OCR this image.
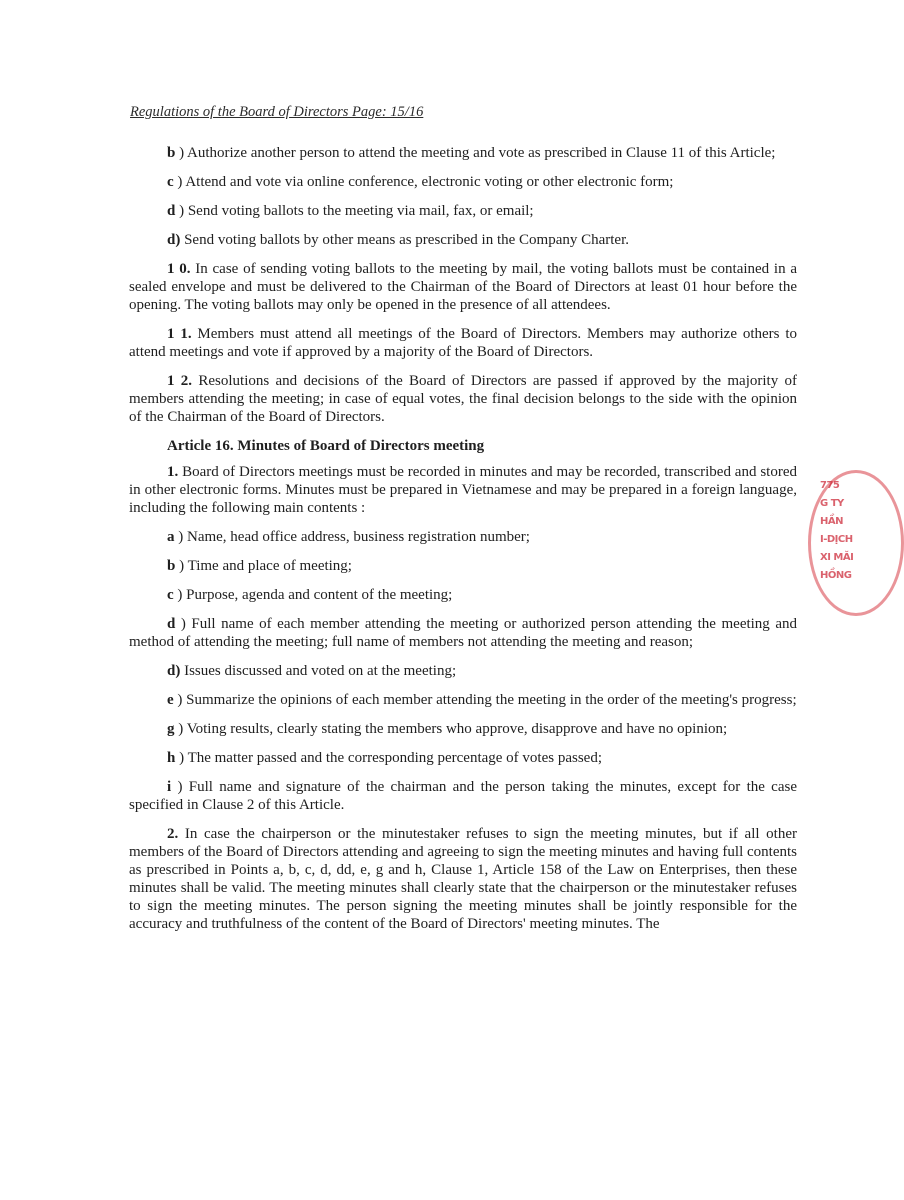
Regulations of the Board of Directors Page: 15/16

b ) Authorize another person to attend the meeting and vote as prescribed in Clause 11 of this Article;

c ) Attend and vote via online conference, electronic voting or other electronic form;

d ) Send voting ballots to the meeting via mail, fax, or email;

d) Send voting ballots by other means as prescribed in the Company Charter.

1 0. In case of sending voting ballots to the meeting by mail, the voting ballots must be contained in a sealed envelope and must be delivered to the Chairman of the Board of Directors at least 01 hour before the opening. The voting ballots may only be opened in the presence of all attendees.

1 1. Members must attend all meetings of the Board of Directors. Members may authorize others to attend meetings and vote if approved by a majority of the Board of Directors.

1 2. Resolutions and decisions of the Board of Directors are passed if approved by the majority of members attending the meeting; in case of equal votes, the final decision belongs to the side with the opinion of the Chairman of the Board of Directors.

Article 16. Minutes of Board of Directors meeting

1. Board of Directors meetings must be recorded in minutes and may be recorded, transcribed and stored in other electronic forms. Minutes must be prepared in Vietnamese and may be prepared in a foreign language, including the following main contents :

a ) Name, head office address, business registration number;

b ) Time and place of meeting;

c ) Purpose, agenda and content of the meeting;

d ) Full name of each member attending the meeting or authorized person attending the meeting and method of attending the meeting; full name of members not attending the meeting and reason;

d) Issues discussed and voted on at the meeting;

e ) Summarize the opinions of each member attending the meeting in the order of the meeting's progress;

g ) Voting results, clearly stating the members who approve, disapprove and have no opinion;

h ) The matter passed and the corresponding percentage of votes passed;

i ) Full name and signature of the chairman and the person taking the minutes, except for the case specified in Clause 2 of this Article.

2. In case the chairperson or the minutestaker refuses to sign the meeting minutes, but if all other members of the Board of Directors attending and agreeing to sign the meeting minutes and having full contents as prescribed in Points a, b, c, d, dd, e, g and h, Clause 1, Article 158 of the Law on Enterprises, then these minutes shall be valid. The meeting minutes shall clearly state that the chairperson or the minutestaker refuses to sign the meeting minutes. The person signing the meeting minutes shall be jointly responsible for the accuracy and truthfulness of the content of the Board of Directors' meeting minutes. The

775
G TY
HẦN
I-DỊCH
XI MĂI
HỒNG
